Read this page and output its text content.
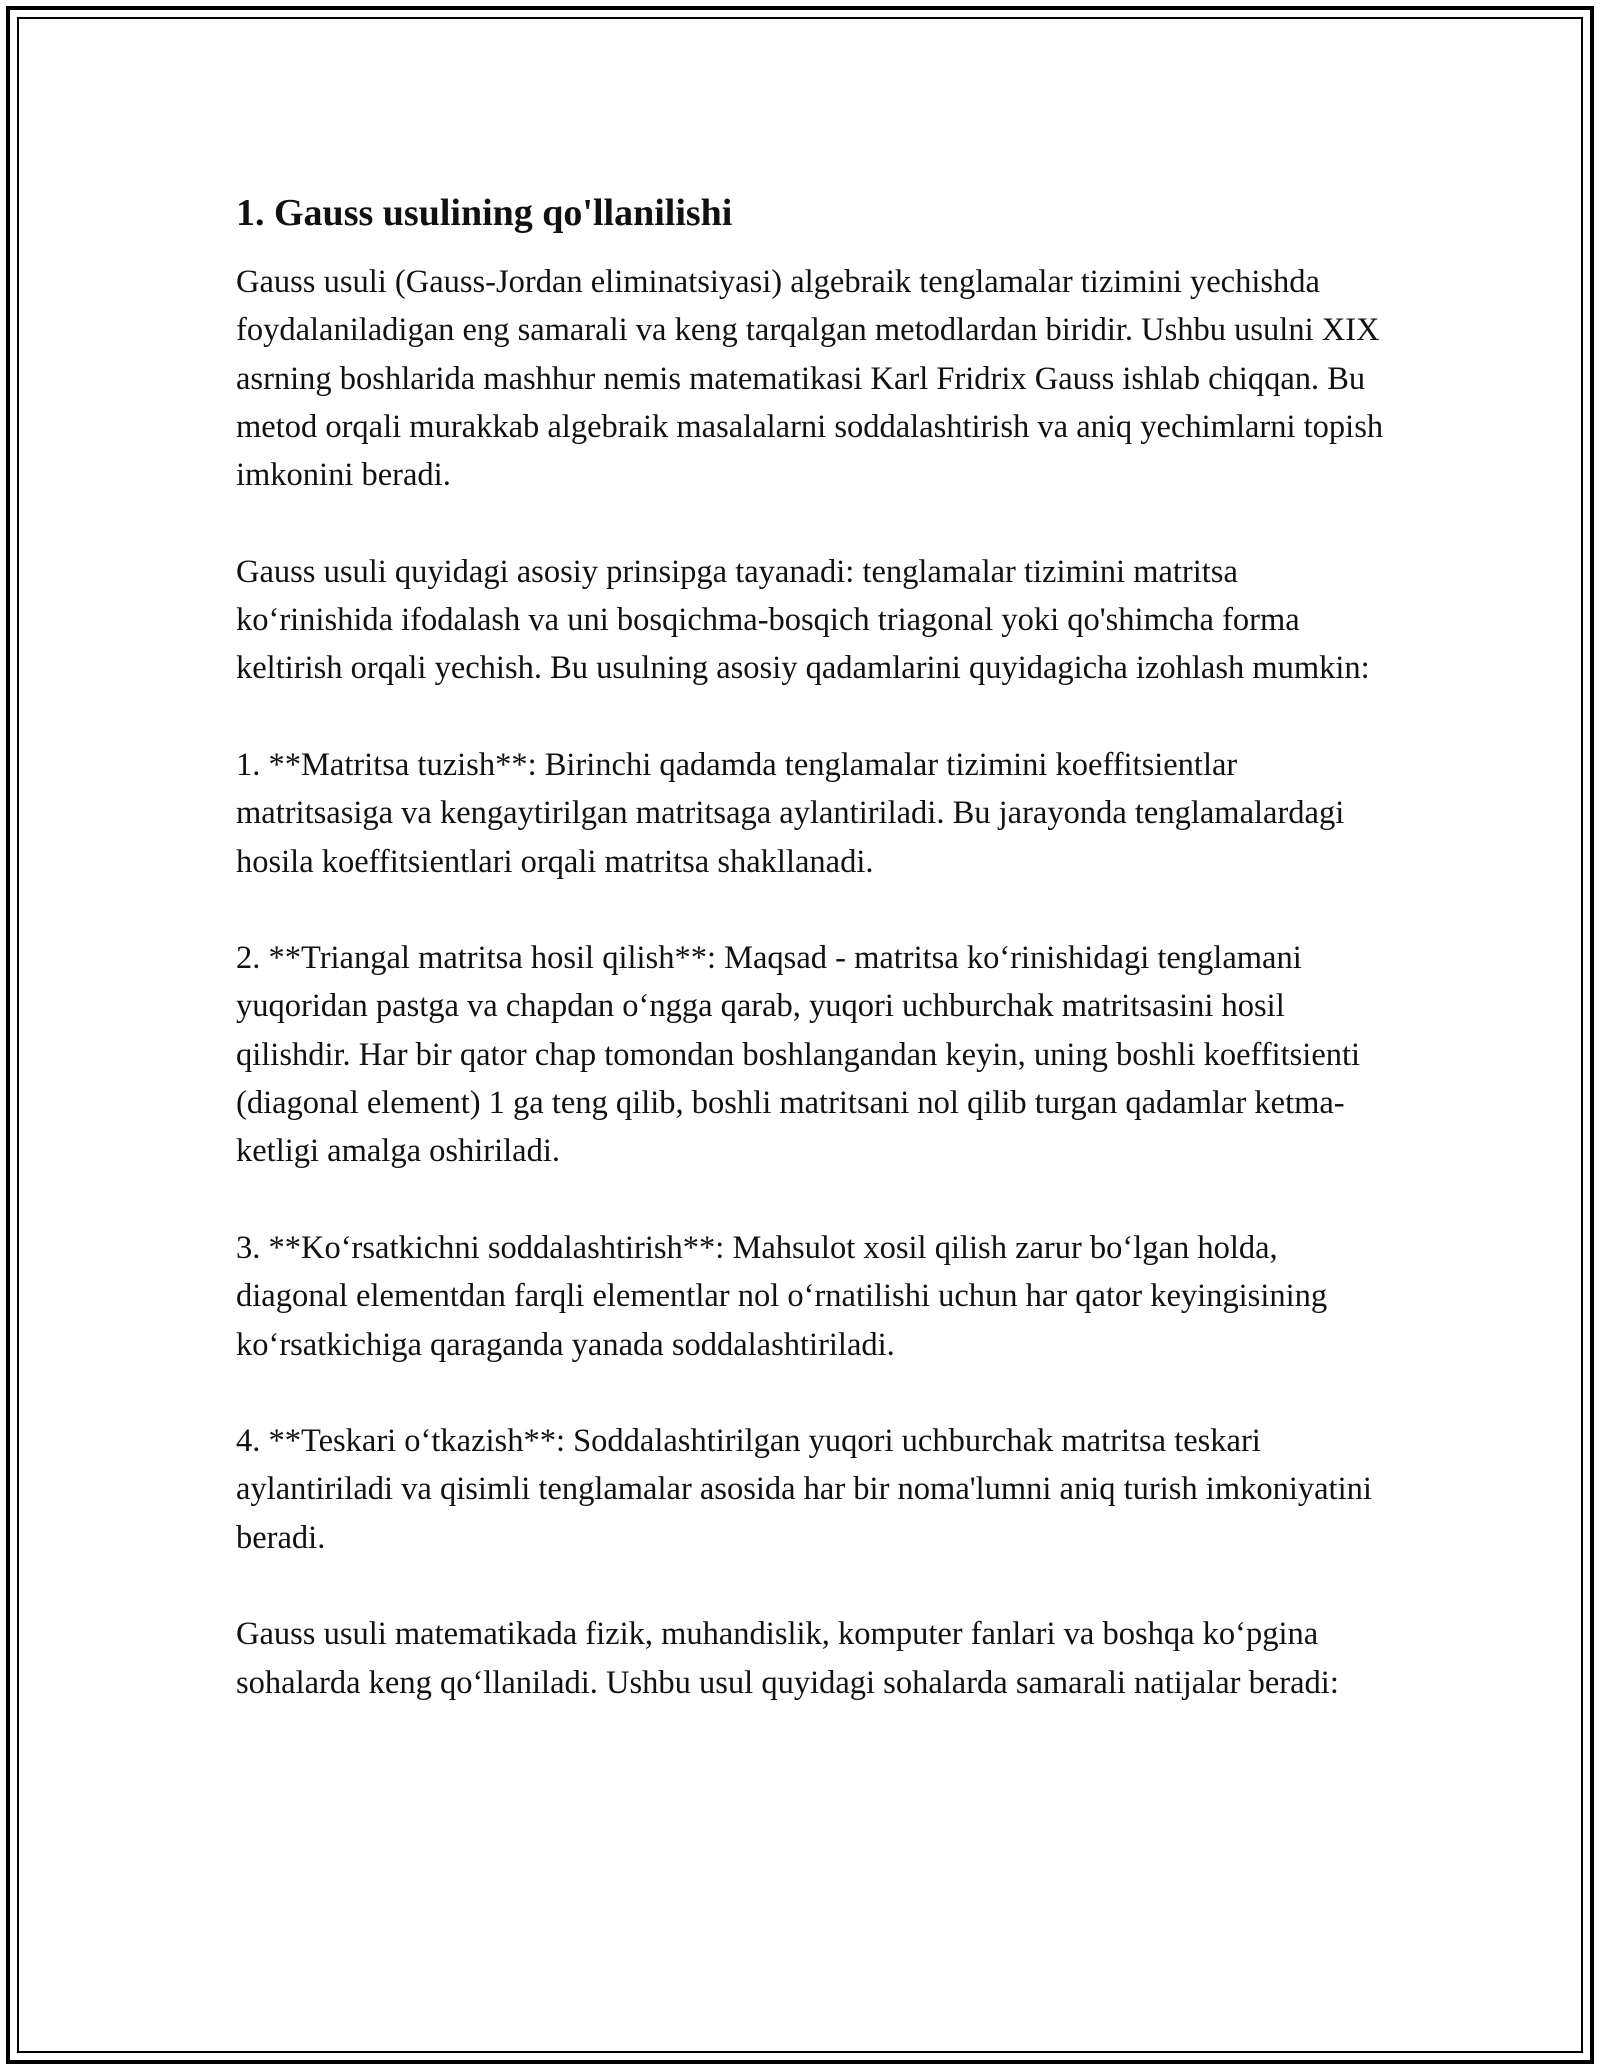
1. Gauss usulining qo'llanilishi

Gauss usuli (Gauss-Jordan eliminatsiyasi) algebraik tenglamalar tizimini yechishda foydalaniladigan eng samarali va keng tarqalgan metodlardan biridir. Ushbu usulni XIX asrning boshlarida mashhur nemis matematikasi Karl Fridrix Gauss ishlab chiqqan. Bu metod orqali murakkab algebraik masalalarni soddalashtirish va aniq yechimlarni topish imkonini beradi.

Gauss usuli quyidagi asosiy prinsipga tayanadi: tenglamalar tizimini matritsa ko‘rinishida ifodalash va uni bosqichma-bosqich triagonal yoki qo'shimcha forma keltirish orqali yechish. Bu usulning asosiy qadamlarini quyidagicha izohlash mumkin:

1. **Matritsa tuzish**: Birinchi qadamda tenglamalar tizimini koeffitsientlar matritsasiga va kengaytirilgan matritsaga aylantiriladi. Bu jarayonda tenglamalardagi hosila koeffitsientlari orqali matritsa shakllanadi.

2. **Triangal matritsa hosil qilish**: Maqsad - matritsa ko‘rinishidagi tenglamani yuqoridan pastga va chapdan o‘ngga qarab, yuqori uchburchak matritsasini hosil qilishdir. Har bir qator chap tomondan boshlangandan keyin, uning boshli koeffitsienti (diagonal element) 1 ga teng qilib, boshli matritsani nol qilib turgan qadamlar ketma-ketligi amalga oshiriladi.

3. **Ko‘rsatkichni soddalashtirish**: Mahsulot xosil qilish zarur bo‘lgan holda, diagonal elementdan farqli elementlar nol o‘rnatilishi uchun har qator keyingisining ko‘rsatkichiga qaraganda yanada soddalashtiriladi.

4. **Teskari o‘tkazish**: Soddalashtirilgan yuqori uchburchak matritsa teskari aylantiriladi va qisimli tenglamalar asosida har bir noma'lumni aniq turish imkoniyatini beradi.

Gauss usuli matematikada fizik, muhandislik, komputer fanlari va boshqa ko‘pgina sohalarda keng qo‘llaniladi. Ushbu usul quyidagi sohalarda samarali natijalar beradi:
